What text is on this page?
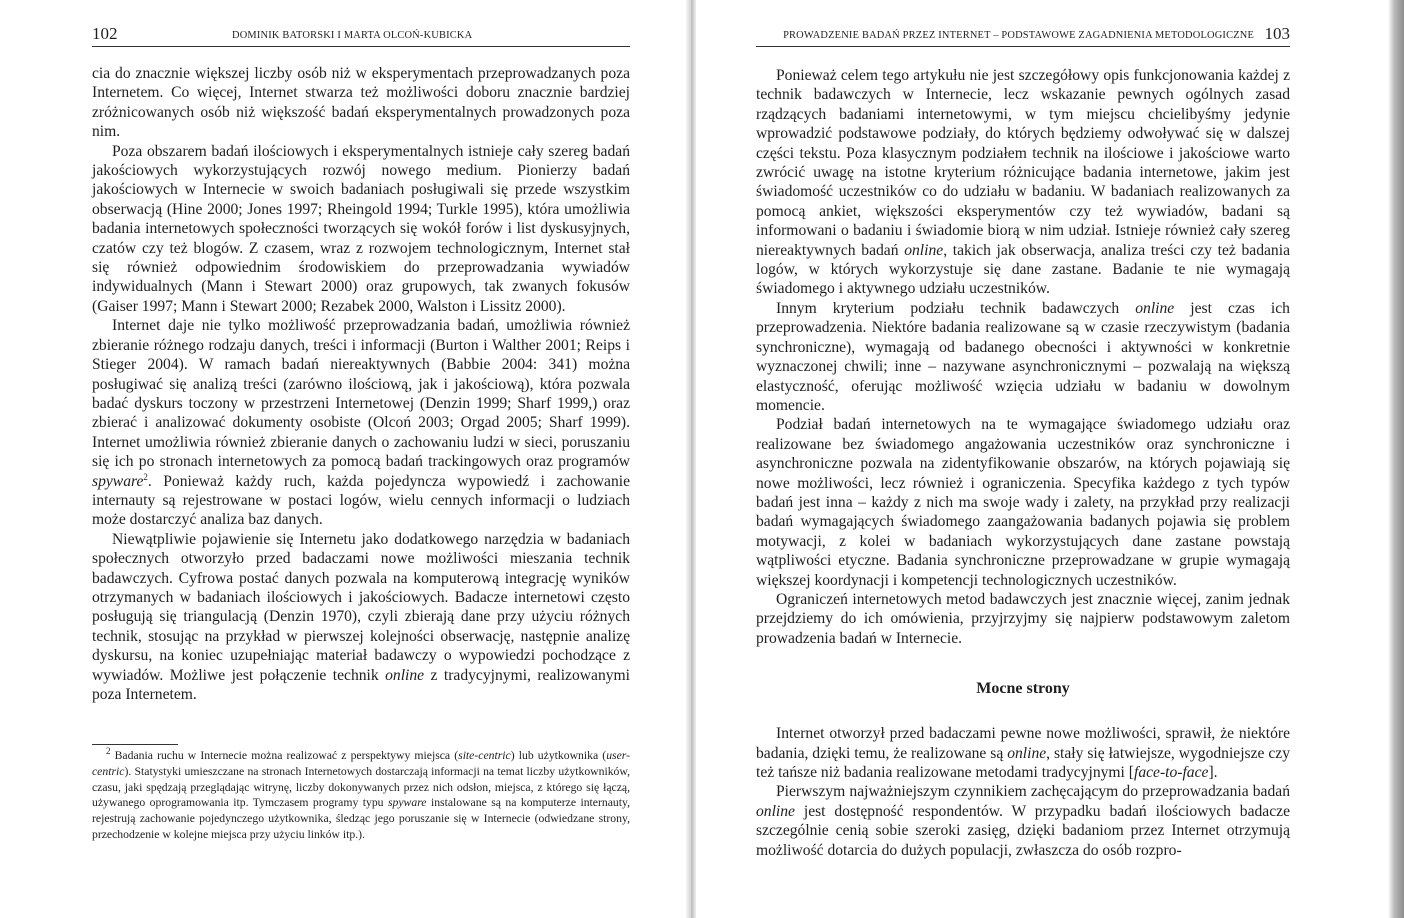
102	DOMINIK BATORSKI I MARTA OLCOŃ-KUBICKA

cia do znacznie większej liczby osób niż w eksperymentach przeprowadzanych poza Internetem. Co więcej, Internet stwarza też możliwości doboru znacznie bardziej zróżnicowanych osób niż większość badań eksperymentalnych prowadzonych poza nim.

Poza obszarem badań ilościowych i eksperymentalnych istnieje cały szereg badań jakościowych wykorzystujących rozwój nowego medium. Pionierzy badań jakościowych w Internecie w swoich badaniach posługiwali się przede wszystkim obserwacją (Hine 2000; Jones 1997; Rheingold 1994; Turkle 1995), która umożliwia badania internetowych społeczności tworzących się wokół forów i list dyskusyjnych, czatów czy też blogów. Z czasem, wraz z rozwojem technologicznym, Internet stał się również odpowiednim środowiskiem do przeprowadzania wywiadów indywidualnych (Mann i Stewart 2000) oraz grupowych, tak zwanych fokusów (Gaiser 1997; Mann i Stewart 2000; Rezabek 2000, Walston i Lissitz 2000).

Internet daje nie tylko możliwość przeprowadzania badań, umożliwia również zbieranie różnego rodzaju danych, treści i informacji (Burton i Walther 2001; Reips i Stieger 2004). W ramach badań niereaktywnych (Babbie 2004: 341) można posługiwać się analizą treści (zarówno ilościową, jak i jakościową), która pozwala badać dyskurs toczony w przestrzeni Internetowej (Denzin 1999; Sharf 1999,) oraz zbierać i analizować dokumenty osobiste (Olcoń 2003; Orgad 2005; Sharf 1999). Internet umożliwia również zbieranie danych o zachowaniu ludzi w sieci, poruszaniu się ich po stronach internetowych za pomocą badań trackingowych oraz programów spyware$^2$. Ponieważ każdy ruch, każda pojedyncza wypowiedź i zachowanie internauty są rejestrowane w postaci logów, wielu cennych informacji o ludziach może dostarczyć analiza baz danych.

Niewątpliwie pojawienie się Internetu jako dodatkowego narzędzia w badaniach społecznych otworzyło przed badaczami nowe możliwości mieszania technik badawczych. Cyfrowa postać danych pozwala na komputerową integrację wyników otrzymanych w badaniach ilościowych i jakościowych. Badacze internetowi często posługują się triangulacją (Denzin 1970), czyli zbierają dane przy użyciu różnych technik, stosując na przykład w pierwszej kolejności obserwację, następnie analizę dyskursu, na koniec uzupełniając materiał badawczy o wypowiedzi pochodzące z wywiadów. Możliwe jest połączenie technik online z tradycyjnymi, realizowanymi poza Internetem.

$^2$ Badania ruchu w Internecie można realizować z perspektywy miejsca (site-centric) lub użytkownika (user-centric). Statystyki umieszczane na stronach Internetowych dostarczają informacji na temat liczby użytkowników, czasu, jaki spędzają przeglądając witrynę, liczby dokonywanych przez nich odsłon, miejsca, z którego się łączą, używanego oprogramowania itp. Tymczasem programy typu spyware instalowane są na komputerze internauty, rejestrują zachowanie pojedynczego użytkownika, śledząc jego poruszanie się w Internecie (odwiedzane strony, przechodzenie w kolejne miejsca przy użyciu linków itp.).

PROWADZENIE BADAŃ PRZEZ INTERNET – PODSTAWOWE ZAGADNIENIA METODOLOGICZNE 103

Ponieważ celem tego artykułu nie jest szczegółowy opis funkcjonowania każdej z technik badawczych w Internecie, lecz wskazanie pewnych ogólnych zasad rządzących badaniami internetowymi, w tym miejscu chcielibyśmy jedynie wprowadzić podstawowe podziały, do których będziemy odwoływać się w dalszej części tekstu. Poza klasycznym podziałem technik na ilościowe i jakościowe warto zwrócić uwagę na istotne kryterium różnicujące badania internetowe, jakim jest świadomość uczestników co do udziału w badaniu. W badaniach realizowanych za pomocą ankiet, większości eksperymentów czy też wywiadów, badani są informowani o badaniu i świadomie biorą w nim udział. Istnieje również cały szereg niereaktywnych badań online, takich jak obserwacja, analiza treści czy też badania logów, w których wykorzystuje się dane zastane. Badanie te nie wymagają świadomego i aktywnego udziału uczestników.

Innym kryterium podziału technik badawczych online jest czas ich przeprowadzenia. Niektóre badania realizowane są w czasie rzeczywistym (badania synchroniczne), wymagają od badanego obecności i aktywności w konkretnie wyznaczonej chwili; inne – nazywane asynchronicznymi – pozwalają na większą elastyczność, oferując możliwość wzięcia udziału w badaniu w dowolnym momencie.

Podział badań internetowych na te wymagające świadomego udziału oraz realizowane bez świadomego angażowania uczestników oraz synchroniczne i asynchroniczne pozwala na zidentyfikowanie obszarów, na których pojawiają się nowe możliwości, lecz również i ograniczenia. Specyfika każdego z tych typów badań jest inna – każdy z nich ma swoje wady i zalety, na przykład przy realizacji badań wymagających świadomego zaangażowania badanych pojawia się problem motywacji, z kolei w badaniach wykorzystujących dane zastane powstają wątpliwości etyczne. Badania synchroniczne przeprowadzane w grupie wymagają większej koordynacji i kompetencji technologicznych uczestników.

Ograniczeń internetowych metod badawczych jest znacznie więcej, zanim jednak przejdziemy do ich omówienia, przyjrzyjmy się najpierw podstawowym zaletom prowadzenia badań w Internecie.

Mocne strony

Internet otworzył przed badaczami pewne nowe możliwości, sprawił, że niektóre badania, dzięki temu, że realizowane są online, stały się łatwiejsze, wygodniejsze czy też tańsze niż badania realizowane metodami tradycyjnymi [face-to-face].

Pierwszym najważniejszym czynnikiem zachęcającym do przeprowadzania badań online jest dostępność respondentów. W przypadku badań ilościowych badacze szczególnie cenią sobie szeroki zasięg, dzięki badaniom przez Internet otrzymują możliwość dotarcia do dużych populacji, zwłaszcza do osób rozpro-
